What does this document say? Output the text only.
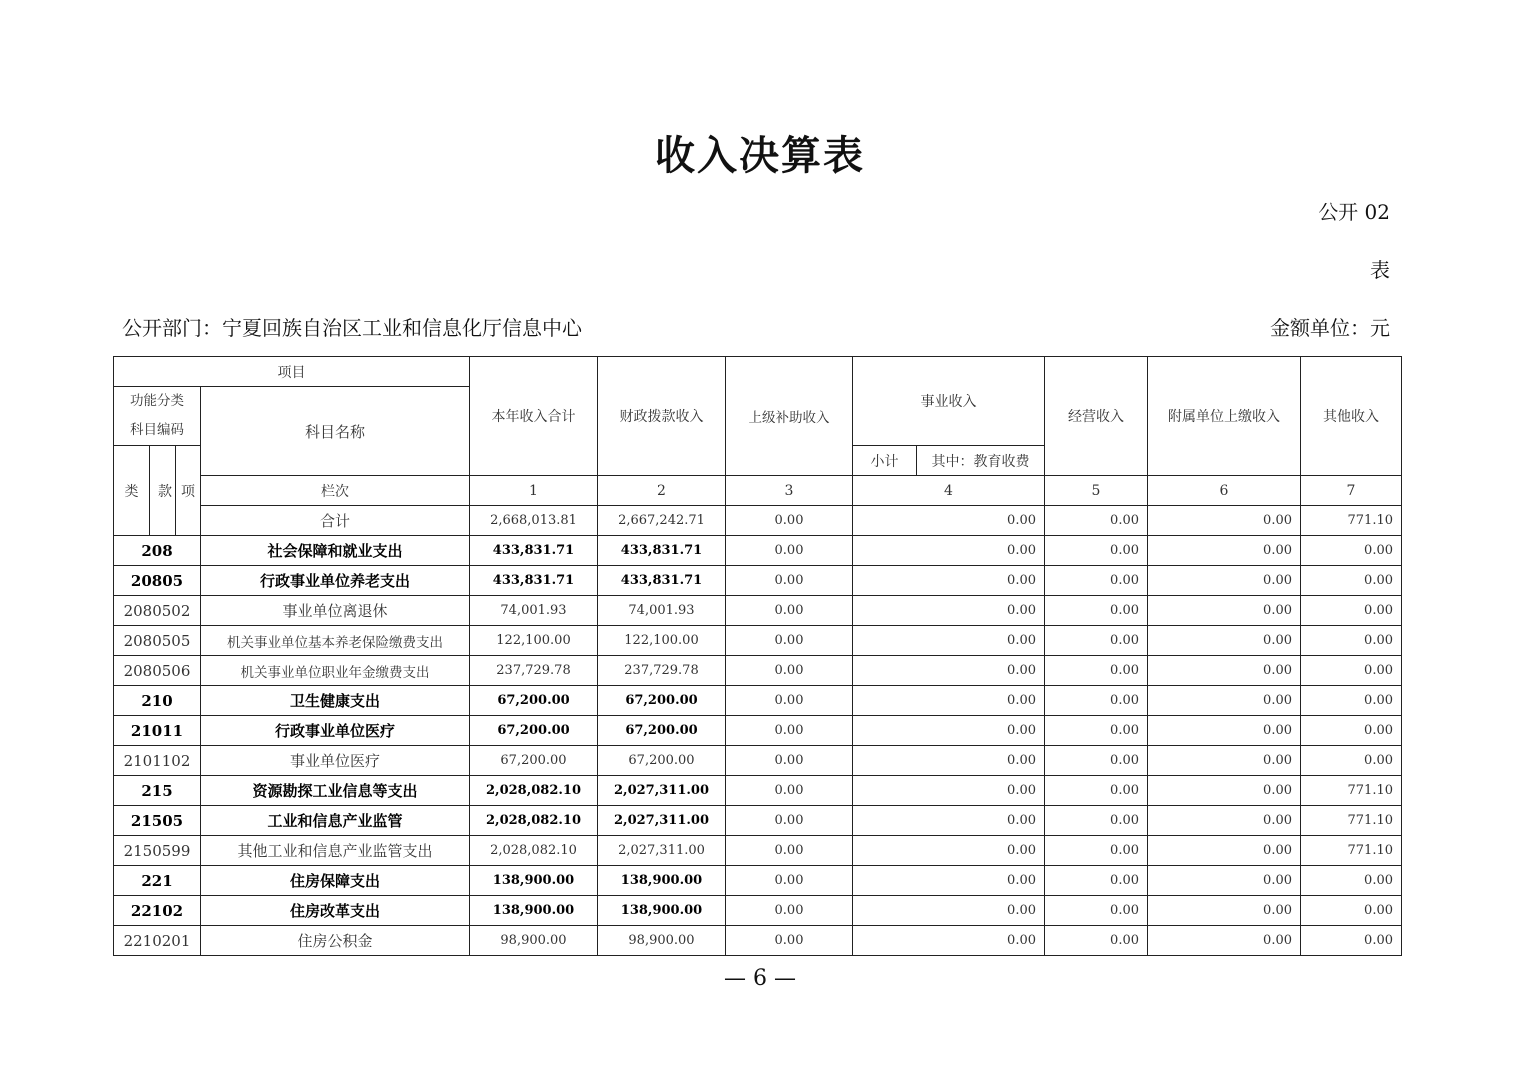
收入决算表
公开 02
表
公开部门：宁夏回族自治区工业和信息化厅信息中心	金额单位：元
项目				本年收入合计	财政拨款收入	上级补助收入	事业收入		经营收入	附属单位上缴收入	其他收入

功能分类
科目编码			科目名称								
类	款	项					小计	其中：教育收费			
			栏次	1	2	3	4		5	6	7
			合计	2,668,013.81	2,667,242.71	0.00	0.00		0.00	0.00	771.10
208			社会保障和就业支出	433,831.71	433,831.71	0.00	0.00		0.00	0.00	0.00
20805			行政事业单位养老支出	433,831.71	433,831.71	0.00	0.00		0.00	0.00	0.00
2080502			事业单位离退休	74,001.93	74,001.93	0.00	0.00		0.00	0.00	0.00
2080505			机关事业单位基本养老保险缴费支出	122,100.00	122,100.00	0.00	0.00		0.00	0.00	0.00
2080506			机关事业单位职业年金缴费支出	237,729.78	237,729.78	0.00	0.00		0.00	0.00	0.00
210			卫生健康支出	67,200.00	67,200.00	0.00	0.00		0.00	0.00	0.00
21011			行政事业单位医疗	67,200.00	67,200.00	0.00	0.00		0.00	0.00	0.00
2101102			事业单位医疗	67,200.00	67,200.00	0.00	0.00		0.00	0.00	0.00
215			资源勘探工业信息等支出	2,028,082.10	2,027,311.00	0.00	0.00		0.00	0.00	771.10
21505			工业和信息产业监管	2,028,082.10	2,027,311.00	0.00	0.00		0.00	0.00	771.10
2150599			其他工业和信息产业监管支出	2,028,082.10	2,027,311.00	0.00	0.00		0.00	0.00	771.10
221			住房保障支出	138,900.00	138,900.00	0.00	0.00		0.00	0.00	0.00
22102			住房改革支出	138,900.00	138,900.00	0.00	0.00		0.00	0.00	0.00
2210201			住房公积金	98,900.00	98,900.00	0.00	0.00		0.00	0.00	0.00
— 6 —
